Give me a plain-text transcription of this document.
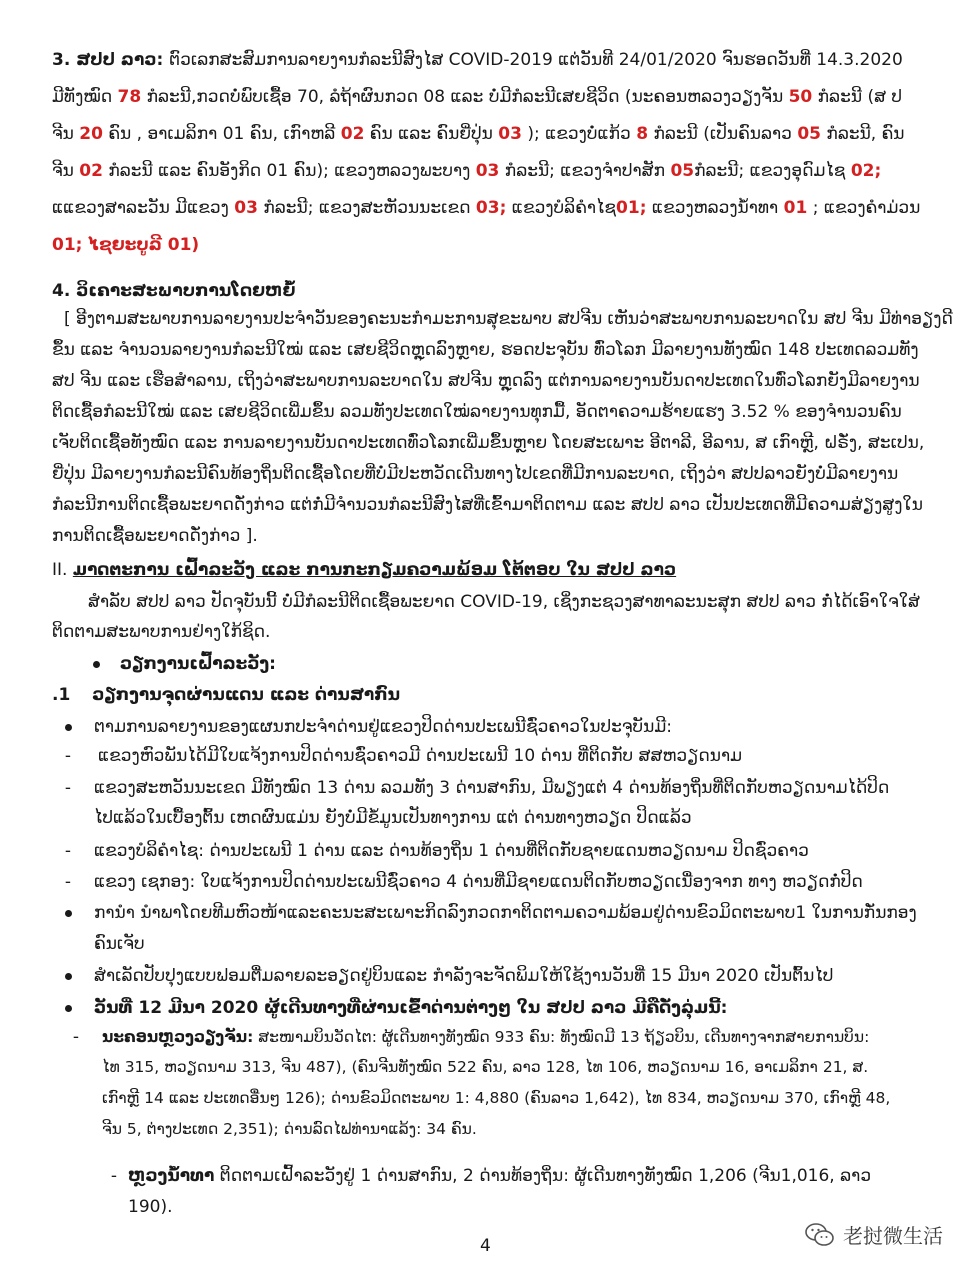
3. ສປປ ລາວ: ຕົວເລກສະສົມການລາຍງານກໍລະນີສົງໄສ COVID-2019 ແຕ່ວັນທີ 24/01/2020 ຈົນຮອດວັນທີ່ 14.3.2020
ມີທັງໝົດ 78 ກໍລະນີ,ກວດບໍ່ພົບເຊື້ອ 70, ລໍຖ້າຜົນກວດ 08 ແລະ ບໍ່ມີກໍລະນີເສຍຊີວິດ (ນະຄອນຫລວງວຽງຈັນ 50 ກໍລະນີ (ສ ປ
ຈີນ 20 ຄົນ , ອາເມລິກາ 01 ຄົນ, ເກົາຫລີ 02 ຄົນ ແລະ ຄົນຍີ່ປຸ່ນ 03 ); ແຂວງບໍ່ແກ້ວ 8 ກໍລະນີ (ເປັນຄົນລາວ 05 ກໍລະນີ, ຄົນ
ຈີນ 02 ກໍລະນີ ແລະ ຄົນອັງກິດ 01 ຄົນ); ແຂວງຫລວງພະບາງ 03 ກໍລະນີ; ແຂວງຈໍາປາສັກ 05ກໍລະນີ; ແຂວງອຸດົມໄຊ 02;
ແແຂວງສາລະວັນ ມີແຂວງ 03 ກໍລະນີ; ແຂວງສະຫັວນນະເຂດ 03; ແຂວງບໍລິຄໍາໄຊ01; ແຂວງຫລວງນໍ້າທາ 01 ; ແຂວງຄໍາມ່ວນ
01; ໄຊຍະບູລີ 01)
4. ວິເຄາະສະພາບການໂດຍຫຍໍ້
[ ອີງຕາມສະພາບການລາຍງານປະຈໍາວັນຂອງຄະນະກໍາມະການສຸຂະພາບ ສປຈີນ ເຫັນວ່າສະພາບການລະບາດໃນ ສປ ຈີນ ມີທ່າອຽງດີ
ຂຶ້ນ ແລະ ຈໍານວນລາຍງານກໍລະນີໃໝ່ ແລະ ເສຍຊີວິດຫຼຸດລົງຫຼາຍ, ຮອດປະຈຸບັນ ທົ່ວໂລກ ມີລາຍງານທັງໝົດ 148 ປະເທດລວມທັງ
ສປ ຈີນ ແລະ ເຮືອສໍາລານ, ເຖິງວ່າສະພາບການລະບາດໃນ ສປຈີນ ຫຼຸດລົງ ແຕ່ການລາຍງານບັນດາປະເທດໃນທົ່ວໂລກຍັງມີລາຍງານ
ຕິດເຊື້ອກໍລະນີໃໝ່ ແລະ ເສຍຊີວິດເພີ່ມຂຶ້ນ ລວມທັງປະເທດໃໝ່ລາຍງານທຸກມື້, ອັດຕາຄວາມຮ້າຍແຮງ 3.52 % ຂອງຈໍານວນຄົນ
ເຈັບຕິດເຊື້ອທັງໝົດ ແລະ ການລາຍງານບັນດາປະເທດທົ່ວໂລກເພີ່ມຂຶ້ນຫຼາຍ ໂດຍສະເພາະ ອີຕາລີ, ອີລານ, ສ ເກົາຫຼີ, ຝຣັ່ງ, ສະເປນ,
ຍີ່ປຸ່ນ ມີລາຍງານກໍລະນີຄົນທ້ອງຖິ່ນຕິດເຊື້ອໂດຍທີ່ບໍ່ມີປະຫວັດເດີນທາງໄປເຂດທີ່ມີການລະບາດ, ເຖິງວ່າ ສປປລາວຍັງບໍ່ມີລາຍງານ
ກໍລະນີການຕິດເຊື້ອພະຍາດດັ່ງກ່າວ ແຕ່ກໍ່ມີຈໍານວນກໍລະນີສົງໄສທີ່ເຂົ້າມາຕິດຕາມ ແລະ ສປປ ລາວ ເປັນປະເທດທີ່ມີຄວາມສ່ຽງສູງໃນ
ການຕິດເຊື້ອພະຍາດດັ່ງກ່າວ ].
II. ມາດຕະການ ເຝົ້າລະວັງ ແລະ ການກະກຽມຄວາມພ້ອມ ໂຕ້ຕອບ ໃນ ສປປ ລາວ
ສໍາລັບ ສປປ ລາວ ປັດຈຸບັນນີ້ ບໍ່ມີກໍລະນີຕິດເຊື້ອພະຍາດ COVID-19, ເຊິ່ງກະຊວງສາທາລະນະສຸກ ສປປ ລາວ ກໍ່ໄດ້ເອົາໃຈໃສ່
ຕິດຕາມສະພາບການຢ່າງໃກ້ຊິດ.
ວຽກງານເຝົ້າລະວັງ:
.1 ວຽກງານຈຸດຜ່ານແດນ ແລະ ດ່ານສາກົນ
ຕາມການລາຍງານຂອງແຜນກປະຈໍາດ່ານຢູ່ແຂວງປິດດ່ານປະເພນີຊົ່ວຄາວໃນປະຈຸບັນມີ:
- ແຂວງຫົວພັນໄດ້ມີໃບແຈ້ງການປິດດ່ານຊົ່ວຄາວມີ ດ່ານປະເພນີ 10 ດ່ານ ທີ່ຕິດກັບ ສສຫວຽດນາມ
- ແຂວງສະຫວັນນະເຂດ ມີທັງໝົດ 13 ດ່ານ ລວມທັງ 3 ດ່ານສາກົນ, ມີພຽງແຕ່ 4 ດ່ານທ້ອງຖິ່ນທີ່ຕິດກັບຫວຽດນາມໄດ້ປິດ
ໄປແລ້ວໃນເບື້ອງຕົ້ນ ເຫດຜົນແມ່ນ ຍັງບໍ່ມີຂໍ້ມູນເປັນທາງການ ແຕ່ ດ່ານທາງຫວຽດ ປິດແລ້ວ
- ແຂວງບໍລິຄໍາໄຊ: ດ່ານປະເພນີ 1 ດ່ານ ແລະ ດ່ານທ້ອງຖິ່ນ 1 ດ່ານທີ່ຕິດກັບຊາຍແດນຫວຽດນາມ ປິດຊົ່ວຄາວ
- ແຂວງ ເຊກອງ: ໃບແຈ້ງການປິດດ່ານປະເພນີຊົ່ວຄາວ 4 ດ່ານທີ່ມີຊາຍແດນຕິດກັບຫວຽດເນື່ອງຈາກ ທາງ ຫວຽດກໍ່ປິດ
ການໍາ ນໍາພາໂດຍທີມຫົວໜ້າແລະຄະນະສະເພາະກິດລົງກວດກາຕິດຕາມຄວາມພ້ອມຢູ່ດ່ານຂົວມິດຕະພາບ1 ໃນການກັ່ນກອງ
ຄົນເຈັບ
ສໍາເລັດປັບປຸງແບບຟອມຕື່ມລາຍລະອຽດຢູ່ບິນແລະ ກໍາລັງຈະຈັດພິມໃຫ້ໃຊ້ງານວັນທີ່ 15 ມີນາ 2020 ເປັນຕົ້ນໄປ
ວັນທີ່ 12 ມີນາ 2020 ຜູ້ເດີນທາງທີ່ຜ່ານເຂົ້າດ່ານຕ່າງໆ ໃນ ສປປ ລາວ ມີຄືດັ່ງລຸ່ມນີ້:
-	ນະຄອນຫຼວງວຽງຈັນ: ສະໜາມບິນວັດໄຕ: ຜູ້ເດີນທາງທັງໝົດ 933 ຄົນ: ທັງໝົດມີ 13 ຖ້ຽວບິນ, ເດີນທາງຈາກສາຍການບິນ:
ໄທ 315, ຫວຽດນາມ 313, ຈີນ 487), (ຄົນຈີນທັງໝົດ 522 ຄົນ, ລາວ 128, ໄທ 106, ຫວຽດນາມ 16, ອາເມລິກາ 21, ສ.
ເກົາຫຼີ 14 ແລະ ປະເທດອື່ນໆ 126); ດ່ານຂົວມິດຕະພາບ 1: 4,880 (ຄົນລາວ 1,642), ໄທ 834, ຫວຽດນາມ 370, ເກົາຫຼີ 48,
ຈີນ 5, ຕ່າງປະເທດ 2,351); ດ່ານລົດໄຟທ່ານາແລ້ງ: 34 ຄົນ.
- ຫຼວງນໍ້າທາ ຕິດຕາມເຝົ້າລະວັງຢູ່ 1 ດ່ານສາກົນ, 2 ດ່ານທ້ອງຖິ່ນ: ຜູ້ເດີນທາງທັງໝົດ 1,206 (ຈີນ1,016, ລາວ
190).
4	老挝微生活
